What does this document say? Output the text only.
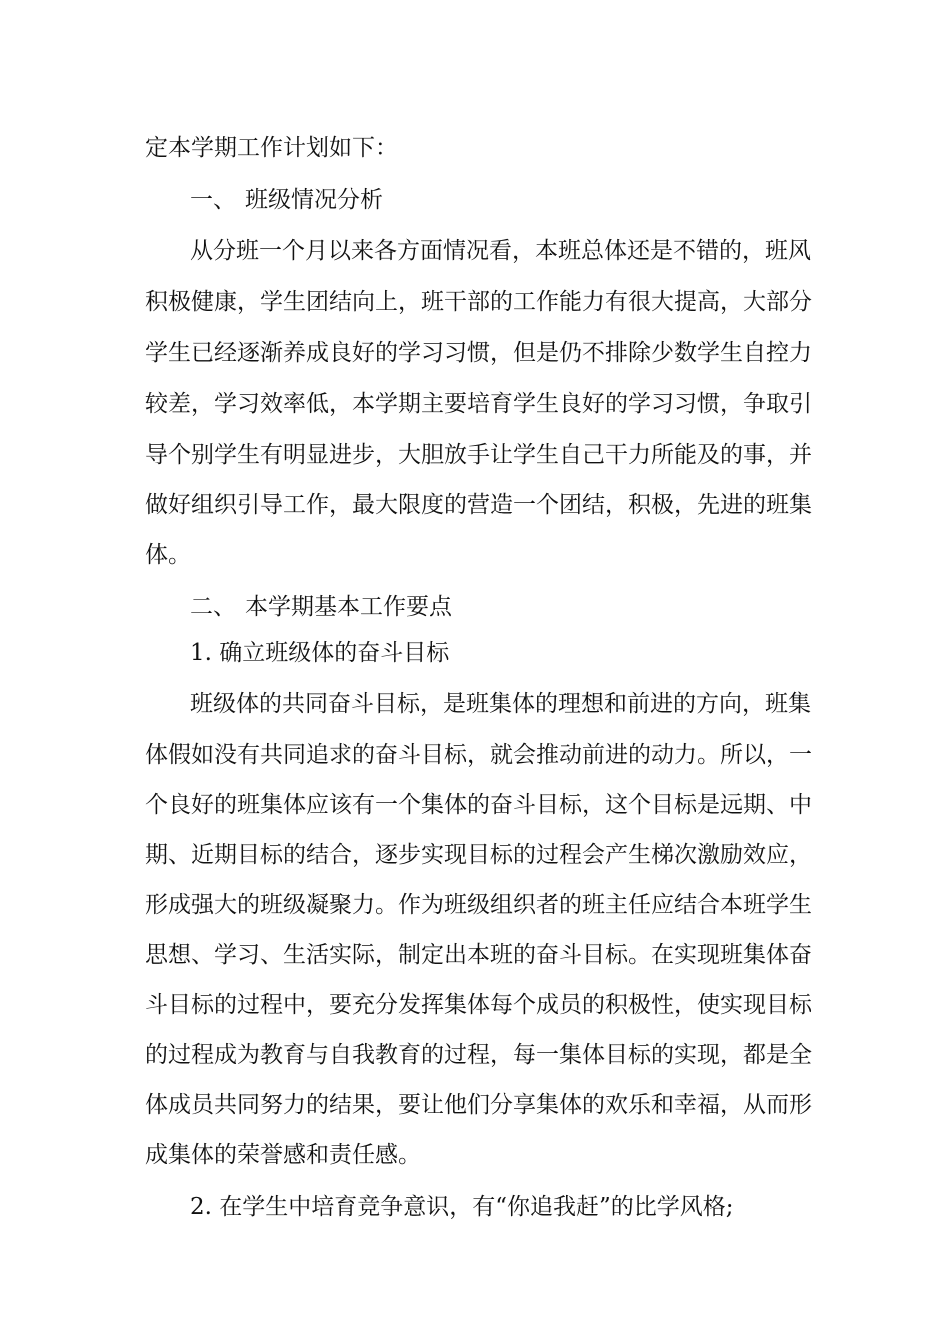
定本学期工作计划如下：
一、 班级情况分析
从分班一个月以来各方面情况看，本班总体还是不错的，班风
积极健康，学生团结向上，班干部的工作能力有很大提高，大部分
学生已经逐渐养成良好的学习习惯，但是仍不排除少数学生自控力
较差，学习效率低，本学期主要培育学生良好的学习习惯，争取引
导个别学生有明显进步，大胆放手让学生自己干力所能及的事，并
做好组织引导工作，最大限度的营造一个团结，积极，先进的班集
体。
二、 本学期基本工作要点
1. 确立班级体的奋斗目标
班级体的共同奋斗目标，是班集体的理想和前进的方向，班集
体假如没有共同追求的奋斗目标，就会推动前进的动力。所以，一
个良好的班集体应该有一个集体的奋斗目标，这个目标是远期、中
期、近期目标的结合，逐步实现目标的过程会产生梯次激励效应，
形成强大的班级凝聚力。作为班级组织者的班主任应结合本班学生
思想、学习、生活实际，制定出本班的奋斗目标。在实现班集体奋
斗目标的过程中，要充分发挥集体每个成员的积极性，使实现目标
的过程成为教育与自我教育的过程，每一集体目标的实现，都是全
体成员共同努力的结果，要让他们分享集体的欢乐和幸福，从而形
成集体的荣誉感和责任感。
2. 在学生中培育竞争意识，有“你追我赶”的比学风格;
